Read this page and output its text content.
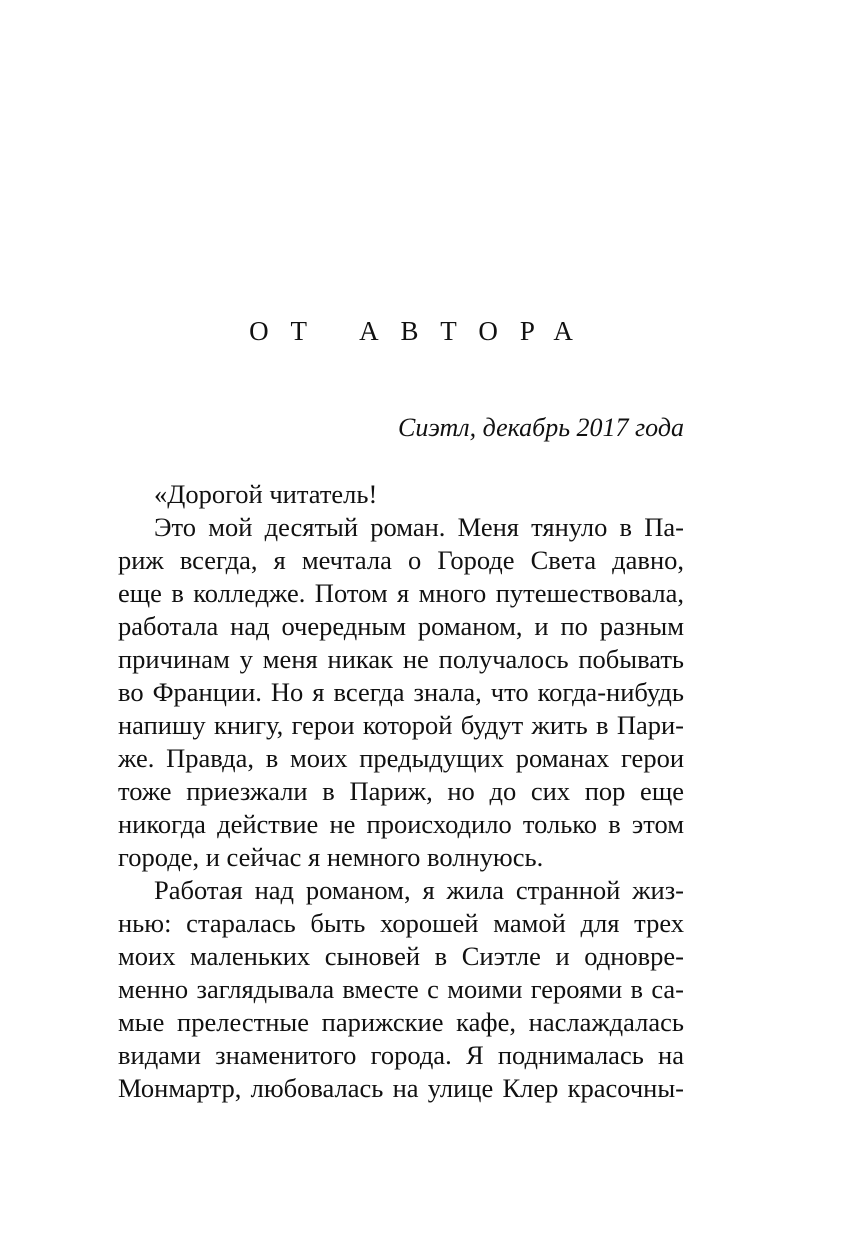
ОТ АВТОРА
Сиэтл, декабрь 2017 года
«Дорогой читатель!
Это мой десятый роман. Меня тянуло в Па-
риж всегда, я мечтала о Городе Света давно,
еще в колледже. Потом я много путешествовала,
работала над очередным романом, и по разным
причинам у меня никак не получалось побывать
во Франции. Но я всегда знала, что когда-нибудь
напишу книгу, герои которой будут жить в Пари-
же. Правда, в моих предыдущих романах герои
тоже приезжали в Париж, но до сих пор еще
никогда действие не происходило только в этом
городе, и сейчас я немного волнуюсь.
Работая над романом, я жила странной жиз-
нью: старалась быть хорошей мамой для трех
моих маленьких сыновей в Сиэтле и одновре-
менно заглядывала вместе с моими героями в са-
мые прелестные парижские кафе, наслаждалась
видами знаменитого города. Я поднималась на
Монмартр, любовалась на улице Клер красочны-
